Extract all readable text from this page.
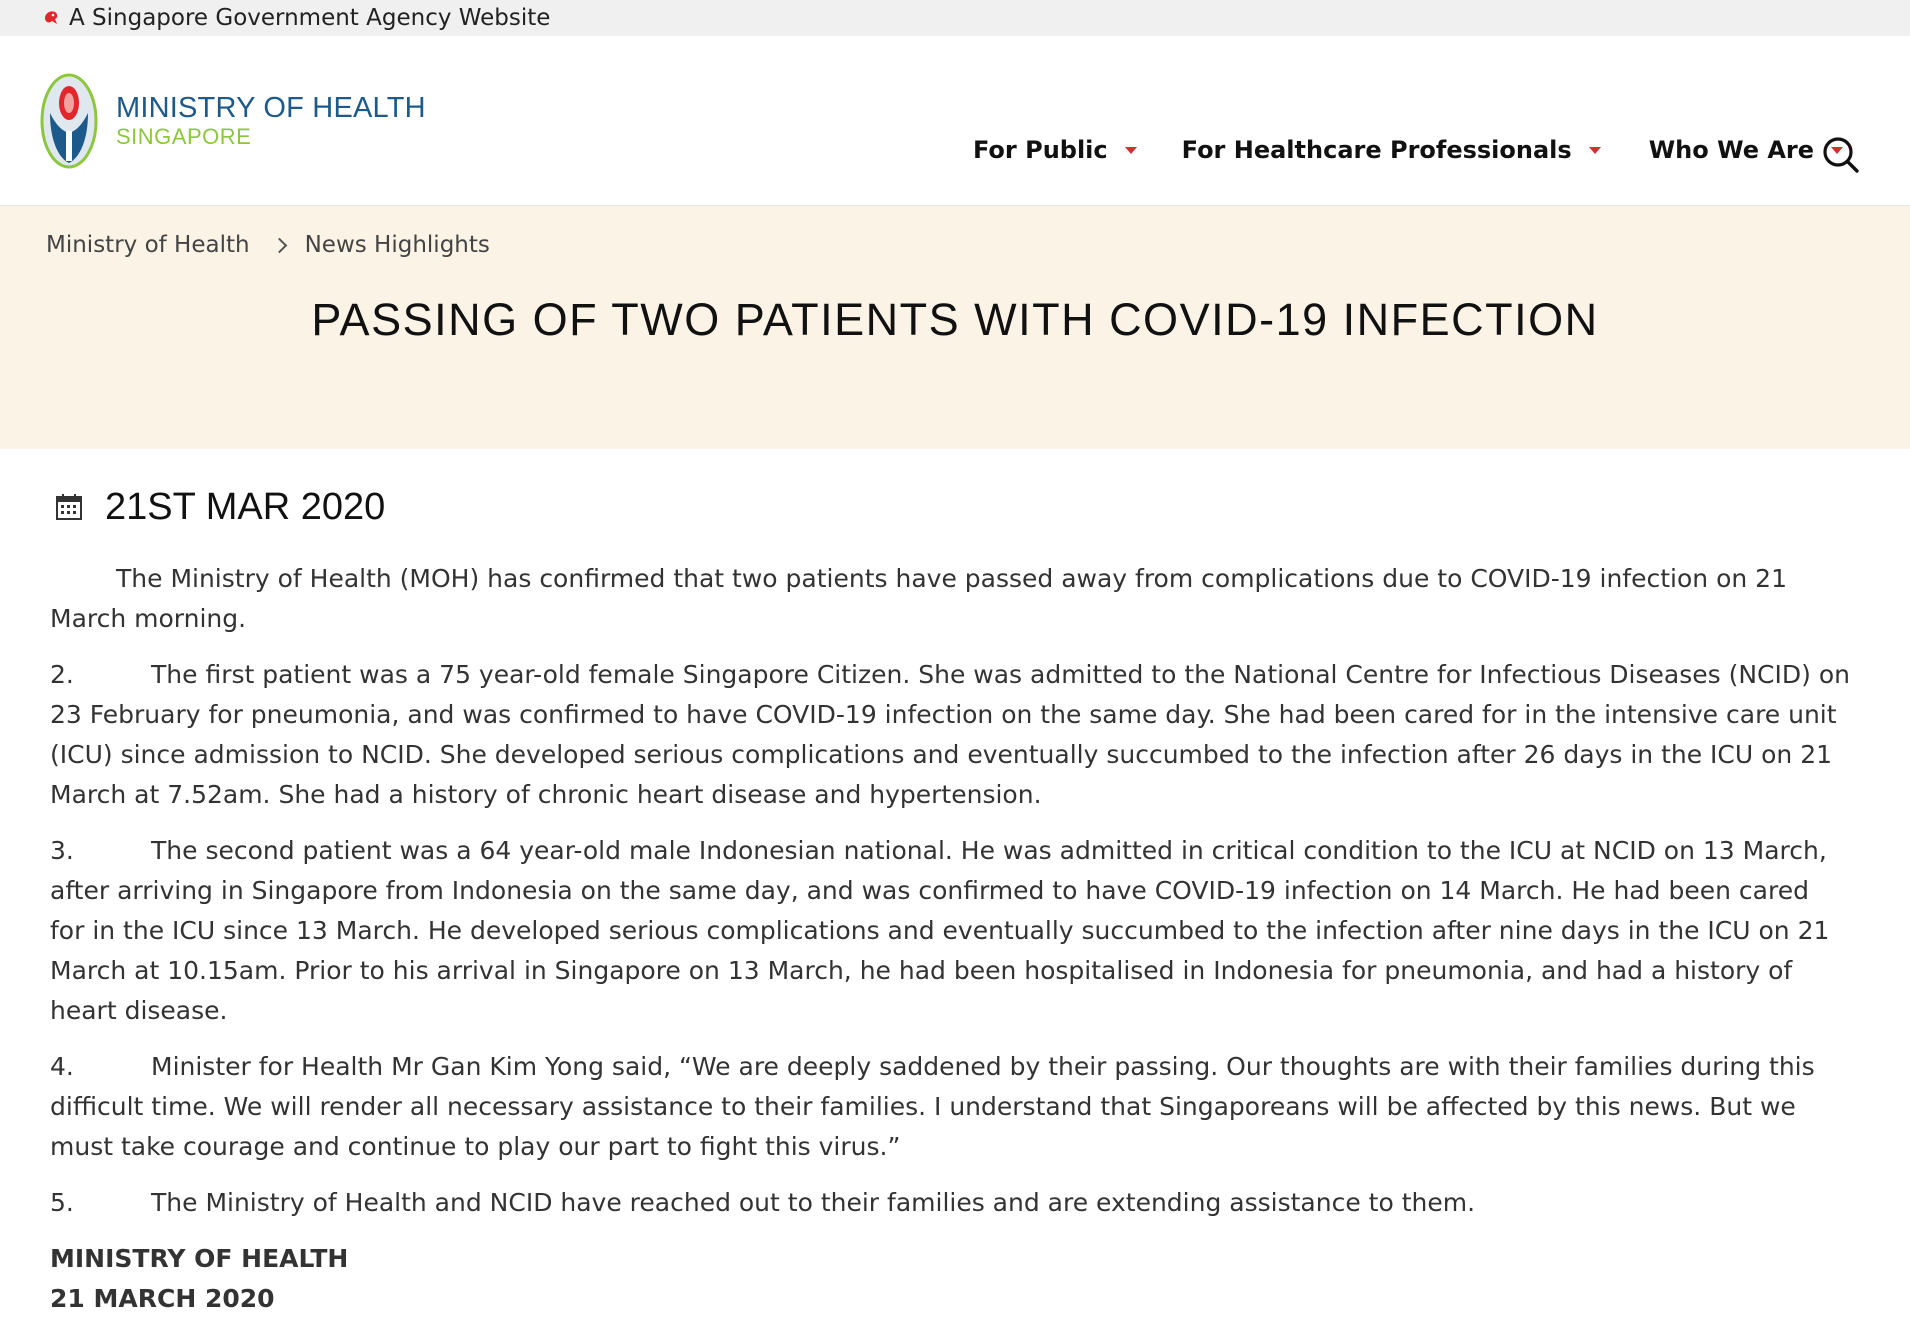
A Singapore Government Agency Website
MINISTRY OF HEALTH
SINGAPORE	For Public	For Healthcare Professionals	Who We Are
Ministry of Health News Highlights
PASSING OF TWO PATIENTS WITH COVID-19 INFECTION
21ST MAR 2020

The Ministry of Health (MOH) has confirmed that two patients have passed away from complications due to COVID-19 infection on 21 March morning.

2.	The first patient was a 75 year-old female Singapore Citizen. She was admitted to the National Centre for Infectious Diseases (NCID) on 23 February for pneumonia, and was confirmed to have COVID-19 infection on the same day. She had been cared for in the intensive care unit (ICU) since admission to NCID. She developed serious complications and eventually succumbed to the infection after 26 days in the ICU on 21 March at 7.52am. She had a history of chronic heart disease and hypertension.

3.	The second patient was a 64 year-old male Indonesian national. He was admitted in critical condition to the ICU at NCID on 13 March, after arriving in Singapore from Indonesia on the same day, and was confirmed to have COVID-19 infection on 14 March. He had been cared for in the ICU since 13 March. He developed serious complications and eventually succumbed to the infection after nine days in the ICU on 21 March at 10.15am. Prior to his arrival in Singapore on 13 March, he had been hospitalised in Indonesia for pneumonia, and had a history of heart disease.

4.	Minister for Health Mr Gan Kim Yong said, “We are deeply saddened by their passing. Our thoughts are with their families during this difficult time. We will render all necessary assistance to their families. I understand that Singaporeans will be affected by this news. But we must take courage and continue to play our part to fight this virus.”

5.	The Ministry of Health and NCID have reached out to their families and are extending assistance to them.

MINISTRY OF HEALTH
21 MARCH 2020
